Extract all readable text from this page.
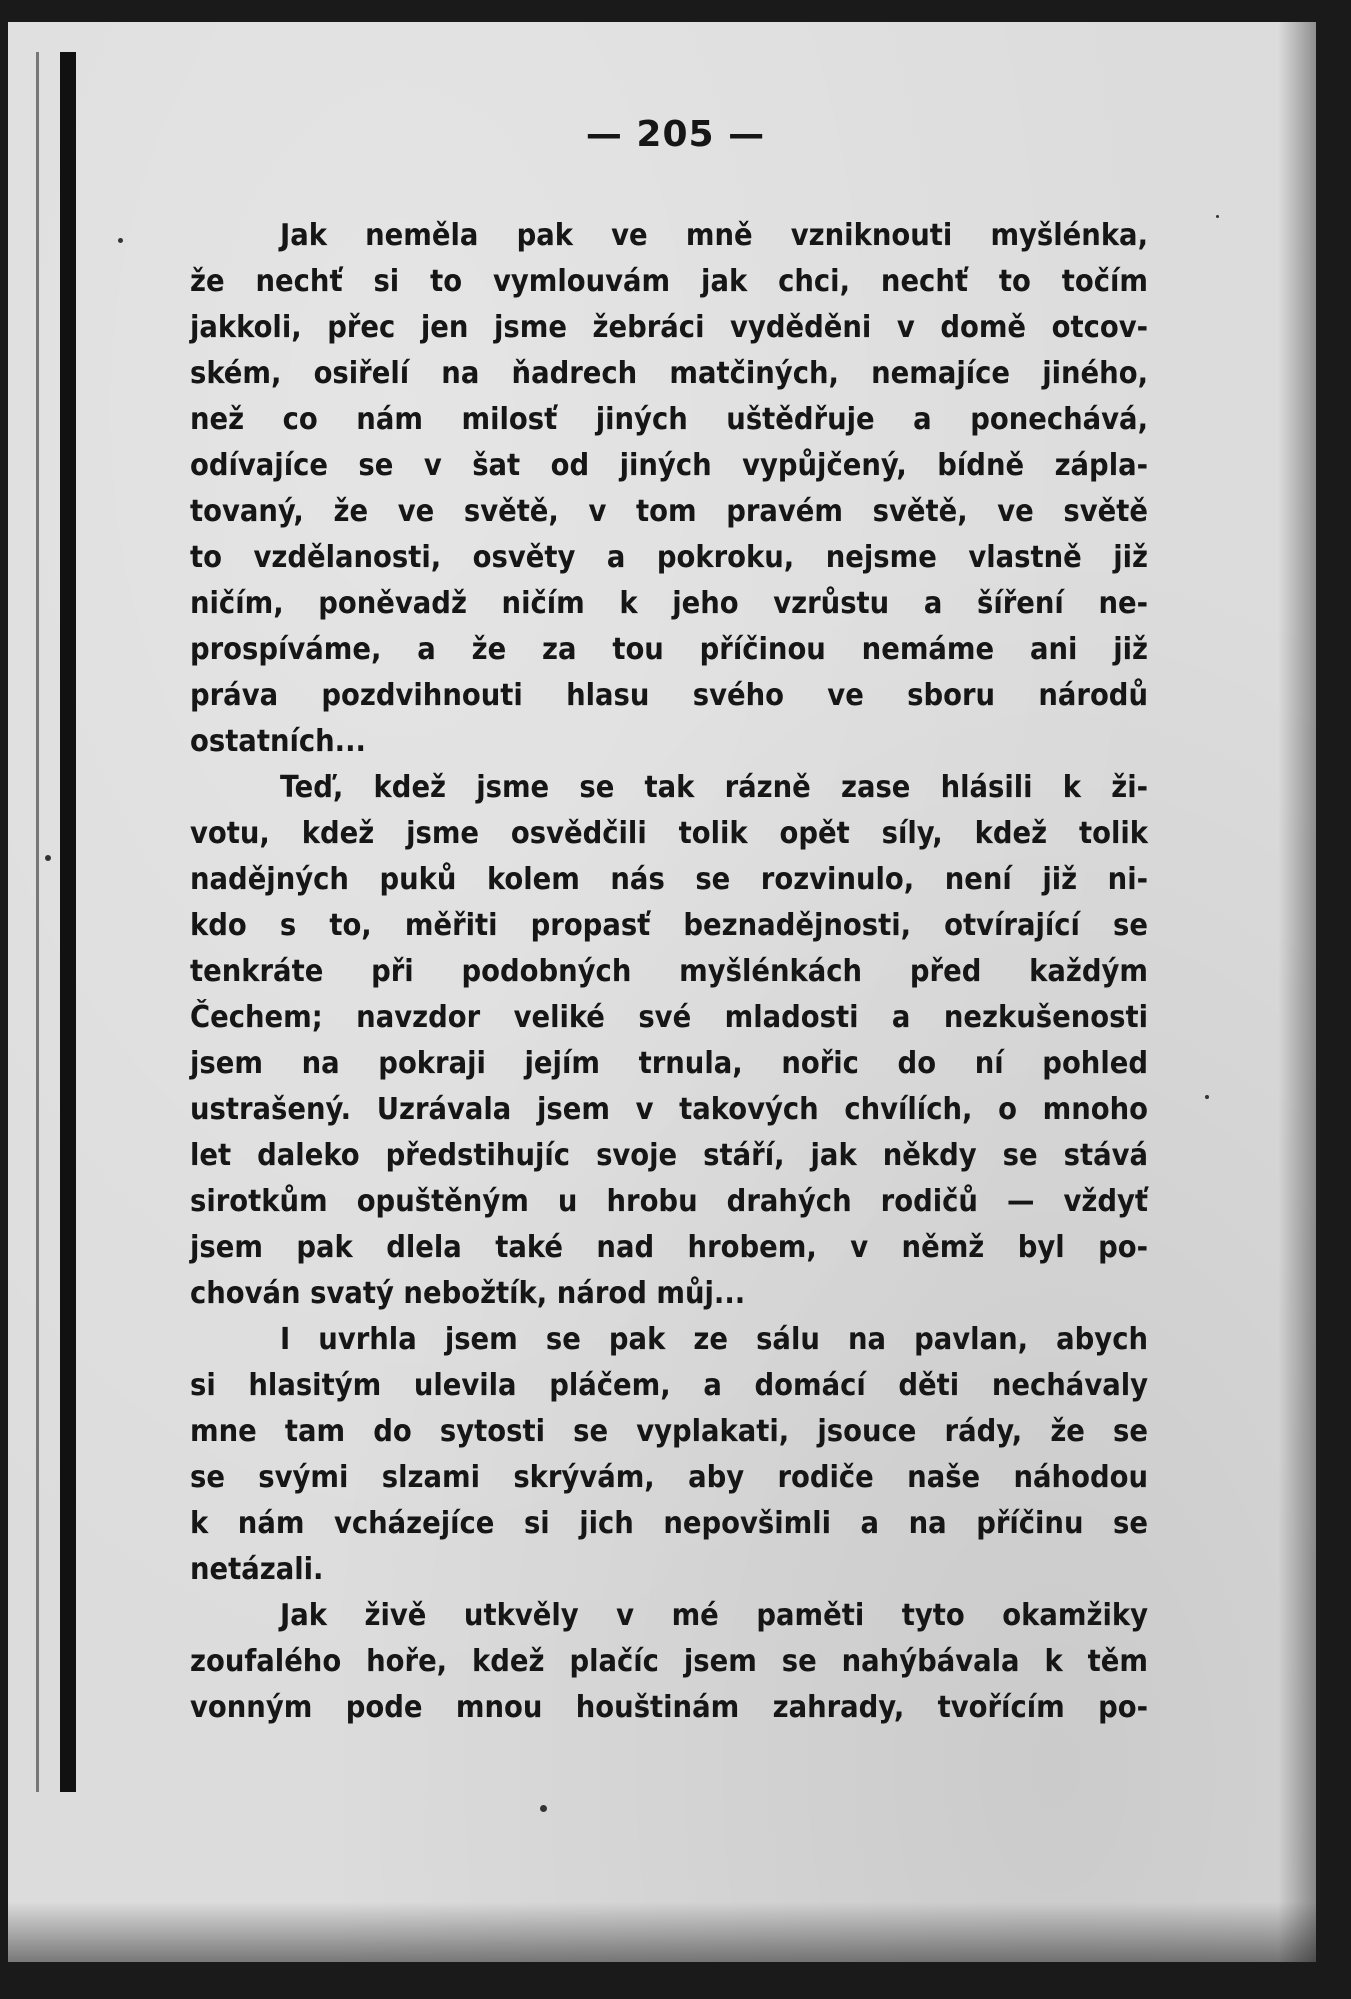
— 205 —
Jak neměla pak ve mně vzniknouti myšlénka,
že nechť si to vymlouvám jak chci, nechť to točím
jakkoli, přec jen jsme žebráci vyděděni v domě otcov-
ském, osiřelí na ňadrech matčiných, nemajíce jiného,
než co nám milosť jiných uštědřuje a ponechává,
odívajíce se v šat od jiných vypůjčený, bídně záplа-
tovaný, že ve světě, v tom pravém světě, ve světě
to vzdělanosti, osvěty a pokroku, nejsme vlastně již
ničím, poněvadž ničím k jeho vzrůstu a šíření ne-
prospíváme, a že za tou příčinou nemáme ani již
práva pozdvihnouti hlasu svého ve sboru národů
ostatních...
Teď, kdež jsme se tak rázně zase hlásili k ži-
votu, kdež jsme osvědčili tolik opět síly, kdež tolik
nadějných puků kolem nás se rozvinulo, není již ni-
kdo s to, měřiti propasť beznadějnosti, otvírající se
tenkráte při podobných myšlénkách před každým
Čechem; navzdor veliké své mladosti a nezkušenosti
jsem na pokraji jejím trnula, nořic do ní pohled
ustrašený. Uzrávala jsem v takových chvílích, o mnoho
let daleko předstihujíc svoje stáří, jak někdy se stává
sirotkům opuštěným u hrobu drahých rodičů — vždyť
jsem pak dlela také nad hrobem, v němž byl po-
chován svatý nebožtík, národ můj...
I uvrhla jsem se pak ze sálu na pavlan, abych
si hlasitým ulevila pláčem, a domácí děti nechávaly
mne tam do sytosti se vyplakati, jsouce rády, že se
se svými slzami skrývám, aby rodiče naše náhodou
k nám vcházejíce si jich nepovšimli a na příčinu se
netázali.
Jak živě utkvěly v mé paměti tyto okamžiky
zoufalého hoře, kdež plačíc jsem se nahýbávala k těm
vonným pode mnou houštinám zahrady, tvořícím po-
